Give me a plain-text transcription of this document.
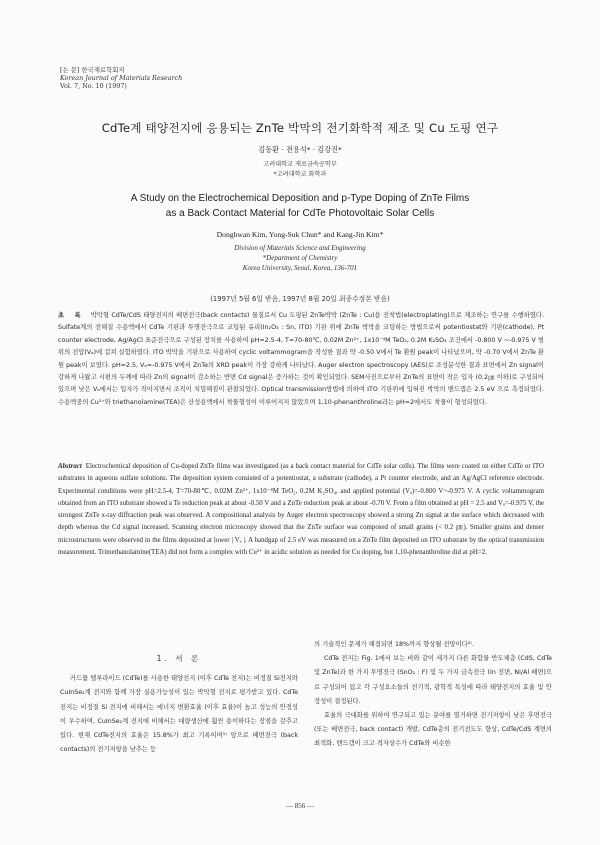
[논 문] 한국재료학회지
Korean Journal of Materials Research
Vol. 7, No. 10 (1997)
CdTe계 태양전지에 응용되는 ZnTe 박막의 전기화학적 제조 및 Cu 도핑 연구
김동환 · 전용석* · 김강진*
고려대학교 재료금속공학부
*고려대학교 화학과
A Study on the Electrochemical Deposition and p-Type Doping of ZnTe Films
as a Back Contact Material for CdTe Photovoltaic Solar Cells
Donghwan Kim, Yong-Suk Chun* and Kang-Jin Kim*
Division of Materials Science and Engineering
*Department of Chemistry
Korea University, Seoul, Korea, 136-701
(1997년 5월 6일 받음, 1997년 8월 20일 최종수정본 받음)
초 록 박막형 CdTe/CdS 태양전지의 배면전극(back contacts) 물질로서 Cu 도핑된 ZnTe박막 (ZnTe : Cu)을 전착법(electroplating)으로 제조하는 연구를 수행하였다. Sulfate계의 전해질 수용액에서 CdTe 기판과 투명전극으로 코팅된 유리(In₂O₃ : Sn, ITO) 기판 위에 ZnTe 박막을 코팅하는 방법으로써 potentiostat와 기판(cathode), Pt counter electrode, Ag/AgCl 표준전극으로 구성된 장치를 사용하여 pH=2.5-4, T=70-80℃, 0.02M Zn²⁺, 1x10⁻⁴M TeO₂, 0.2M K₂SO₄ 조건에서 -0.800 V ~-0.975 V 범위의 전압(Vₐ)에 걸쳐 실험하였다. ITO 박막을 기판으로 사용하여 cyclic voltammogram을 작성한 결과 약 -0.50 V에서 Te 환원 peak이 나타났으며, 약 -0.70 V에서 ZnTe 환원 peak이 보였다. pH=2.5, Vₐ=-0.975 V에서 ZnTe의 XRD peak이 가장 강하게 나타났다. Auger electron spectroscopy (AES)로 조성분석한 결과 표면에서 Zn signal이 강하게 나왔고 시편의 두께에 따라 Zn의 signal이 감소하는 반면 Cd signal은 증가하는 것이 확인되었다. SEM사진으로부터 ZnTe의 표면이 작은 입자 (0.2㎛ 이하)로 구성되어 있으며 낮은 Vₐ에서는 입자가 작아지면서 조직이 치밀해짐이 관찰되었다. Optical transmission방법에 의하여 ITO 기판위에 입혀진 박막의 밴드갭은 2.5 eV 으로 측정되었다. 수용액중의 Cu²⁺와 triethanolamine(TEA)은 산성용액에서 착물형성이 이루어지지 않았으며 1,10-phenanthroline과는 pH=2에서도 착물이 형성되었다.
Abstract Electrochemical deposition of Cu-doped ZnTe films was investigated (as a back contact material for CdTe solar cells). The films were coated on either CdTe or ITO substrates in aqueous sulfate solutions. The deposition system consisted of a potentiostat, a substrate (cathode), a Pt counter electrode, and an Ag/AgCl reference electrode. Experimental conditions were pH=2.5-4, T=70-80℃, 0.02M Zn²⁺, 1x10⁻⁴M TeO₂, 0.2M K₂SO₄, and applied potential (Vₐ)=-0.800 V~-0.975 V. A cyclic voltammogram obtained from an ITO substrate showed a Te reduction peak at about -0.50 V and a ZnTe reduction peak at about -0.70 V. From a film obtained at pH = 2.5 and Vₐ=-0.975 V, the strongest ZnTe x-ray diffraction peak was observed. A compositional analysis by Auger electron spectroscopy showed a strong Zn signal at the surface which decreased with depth whereas the Cd signal increased. Scanning electron microscopy showed that the ZnTe surface was composed of small grains (< 0.2 ㎛). Smaller grains and denser microstructures were observed in the films deposited at lower | Vₐ |. A bandgap of 2.5 eV was measured on a ZnTe film deposited on ITO substrate by the optical transmission measurement. Trimethanolamine(TEA) did not form a complex with Cu²⁺ in acidic solution as needed for Cu doping, but 1,10-phenanthroline did at pH=2.
1. 서 론

카드뮴 텔루라이드 (CdTe)를 사용한 태양전지 (이후 CdTe 전지)는 비정질 Si전지와 CuInSe₂계 전지와 함께 가장 실용가능성이 있는 박막형 전지로 평가받고 있다. CdTe 전지는 비정질 Si 전지에 비해서는 에너지 변환효율 (이후 효율)이 높고 성능의 안정성이 우수하며, CuInSe₂계 전지에 비해서는 대량생산에 훨씬 용이하다는 장점을 갖추고 있다. 현재 CdTe전지의 효율은 15.8%가 최고 기록이며¹⁾ 앞으로 배면전극 (back contacts)의 전기저항을 낮추는 등

의 기술적인 문제가 해결되면 18%까지 향상될 전망이다²⁾.

CdTe 전지는 Fig. 1에서 보는 바와 같이 세가지 다른 화합물 반도체층 (CdS, CdTe 및 ZnTe)과 한 가지 투명전극 (SnO₂ : F) 및 두 가지 금속전극 (In 전면, Ni/Al 배면)으로 구성되어 있고 각 구성요소들의 전기적, 광학적 특성에 따라 태양전지의 효율 및 안정성이 결정된다.

효율의 극대화를 위하여 연구되고 있는 분야를 열거하면 전기저항이 낮은 후면전극 (또는 배면전극, back contact) 개발, CdTe층의 전기전도도 향상, CdTe/CdS 계면의 최적화, 밴드갭이 크고 격자상수가 CdTe와 비슷한

— 856 —
